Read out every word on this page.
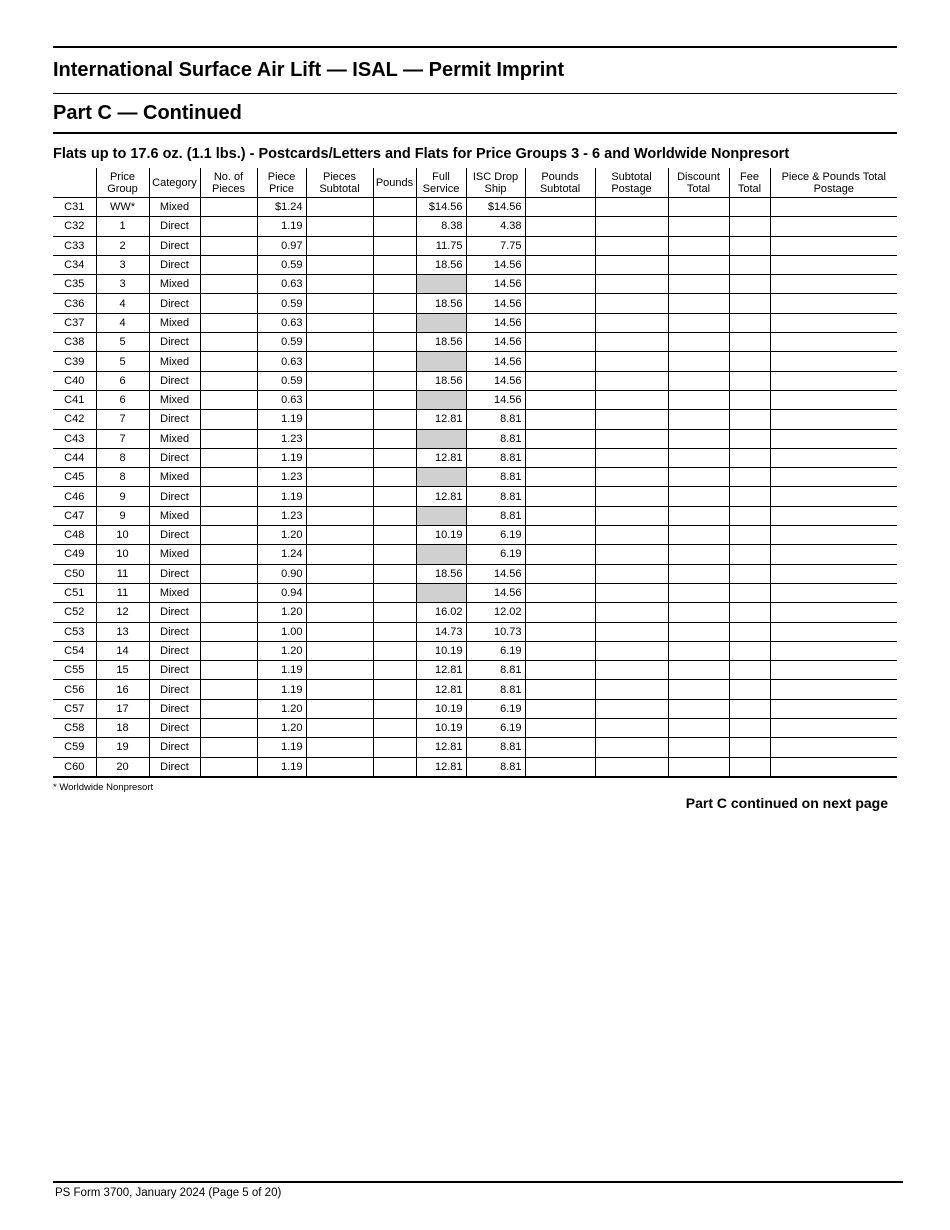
International Surface Air Lift — ISAL — Permit Imprint
Part C — Continued
Flats up to 17.6 oz. (1.1 lbs.) - Postcards/Letters and Flats for Price Groups 3 - 6 and Worldwide Nonpresort
	Price Group	Category	No. of Pieces	Piece Price	Pieces Subtotal	Pounds	Full Service	ISC Drop Ship	Pounds Subtotal	Subtotal Postage	Discount Total	Fee Total	Piece & Pounds Total Postage
C31	WW*	Mixed		$1.24			$14.56	$14.56					
C32	1	Direct		1.19			8.38	4.38					
C33	2	Direct		0.97			11.75	7.75					
C34	3	Direct		0.59			18.56	14.56					
C35	3	Mixed		0.63				14.56					
C36	4	Direct		0.59			18.56	14.56					
C37	4	Mixed		0.63				14.56					
C38	5	Direct		0.59			18.56	14.56					
C39	5	Mixed		0.63				14.56					
C40	6	Direct		0.59			18.56	14.56					
C41	6	Mixed		0.63				14.56					
C42	7	Direct		1.19			12.81	8.81					
C43	7	Mixed		1.23				8.81					
C44	8	Direct		1.19			12.81	8.81					
C45	8	Mixed		1.23				8.81					
C46	9	Direct		1.19			12.81	8.81					
C47	9	Mixed		1.23				8.81					
C48	10	Direct		1.20			10.19	6.19					
C49	10	Mixed		1.24				6.19					
C50	11	Direct		0.90			18.56	14.56					
C51	11	Mixed		0.94				14.56					
C52	12	Direct		1.20			16.02	12.02					
C53	13	Direct		1.00			14.73	10.73					
C54	14	Direct		1.20			10.19	6.19					
C55	15	Direct		1.19			12.81	8.81					
C56	16	Direct		1.19			12.81	8.81					
C57	17	Direct		1.20			10.19	6.19					
C58	18	Direct		1.20			10.19	6.19					
C59	19	Direct		1.19			12.81	8.81					
C60	20	Direct		1.19			12.81	8.81					
* Worldwide Nonpresort
Part C continued on next page
PS Form 3700, January 2024 (Page 5 of 20)
